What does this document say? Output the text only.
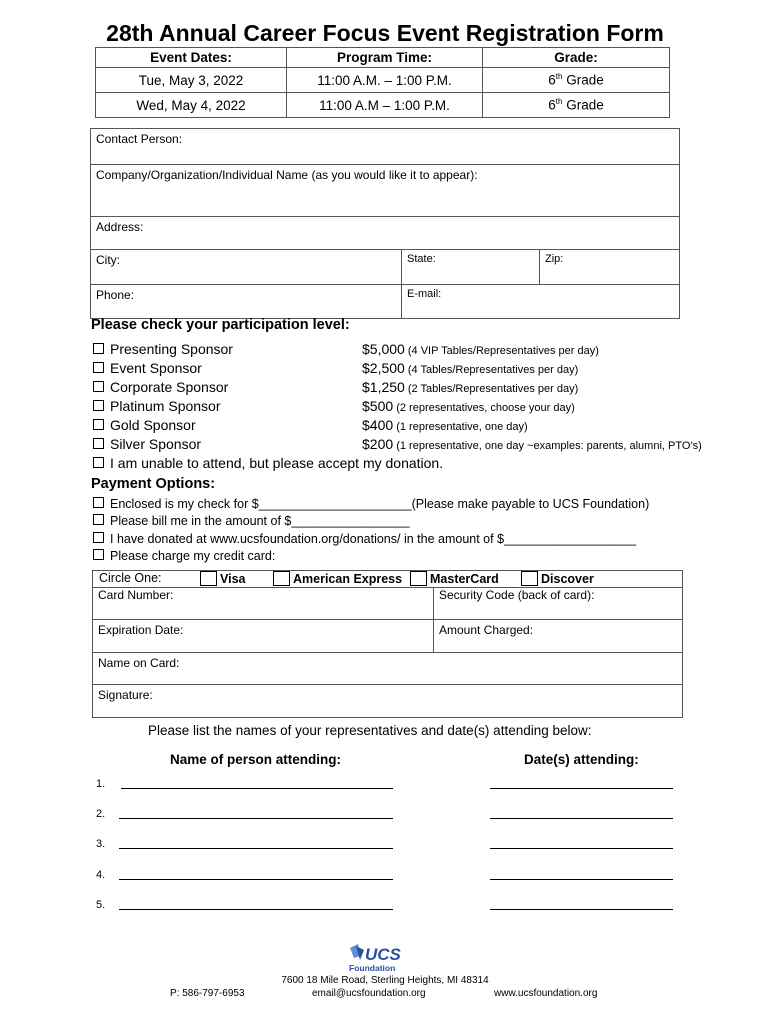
28th Annual Career Focus Event Registration Form
Event Dates:	Program Time:	Grade:
Tue, May 3, 2022	11:00 A.M. – 1:00 P.M.	6th Grade
Wed, May 4, 2022	11:00 A.M – 1:00 P.M.	6th Grade
Contact Person:
Company/Organization/Individual Name (as you would like it to appear):
Address:
City:	State:	Zip:
Phone:	E-mail:
Please check your participation level:
Presenting Sponsor	$5,000 (4 VIP Tables/Representatives per day)
Event Sponsor	$2,500 (4 Tables/Representatives per day)
Corporate Sponsor	$1,250 (2 Tables/Representatives per day)
Platinum Sponsor	$500 (2 representatives, choose your day)
Gold Sponsor	$400 (1 representative, one day)
Silver Sponsor	$200 (1 representative, one day ~examples: parents, alumni, PTO’s)
I am unable to attend, but please accept my donation.
Payment Options:
Enclosed is my check for $______________________(Please make payable to UCS Foundation)
Please bill me in the amount of $_________________
I have donated at www.ucsfoundation.org/donations/ in the amount of $___________________
Please charge my credit card:
Circle One:	Visa	American Express	MasterCard	Discover
Card Number:	Security Code (back of card):
Expiration Date:	Amount Charged:
Name on Card:
Signature:
Please list the names of your representatives and date(s) attending below:
Name of person attending:	Date(s) attending:
1.
2.
3.
4.
5.
UCS
Foundation
7600 18 Mile Road, Sterling Heights, MI 48314
P: 586-797-6953	email@ucsfoundation.org	www.ucsfoundation.org
